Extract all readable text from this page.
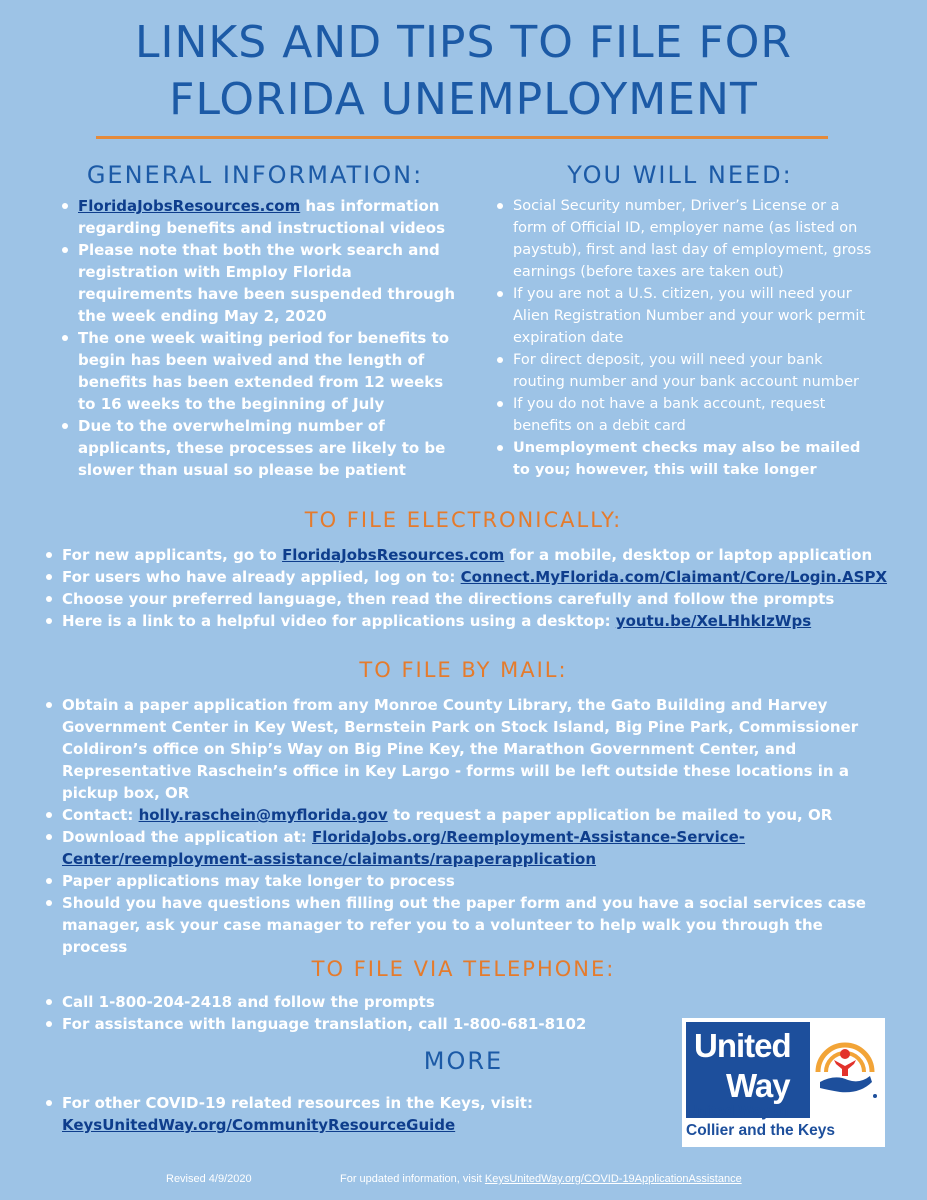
LINKS AND TIPS TO FILE FOR
FLORIDA UNEMPLOYMENT
GENERAL INFORMATION:
FloridaJobsResources.com has information regarding benefits and instructional videos
Please note that both the work search and registration with Employ Florida requirements have been suspended through the week ending May 2, 2020
The one week waiting period for benefits to begin has been waived and the length of benefits has been extended from 12 weeks to 16 weeks to the beginning of July
Due to the overwhelming number of applicants, these processes are likely to be slower than usual so please be patient
YOU WILL NEED:
Social Security number, Driver’s License or a form of Official ID, employer name (as listed on paystub), first and last day of employment, gross earnings (before taxes are taken out)
If you are not a U.S. citizen, you will need your Alien Registration Number and your work permit expiration date
For direct deposit, you will need your bank routing number and your bank account number
If you do not have a bank account, request benefits on a debit card
Unemployment checks may also be mailed to you; however, this will take longer
TO FILE ELECTRONICALLY:
For new applicants, go to FloridaJobsResources.com for a mobile, desktop or laptop application
For users who have already applied, log on to: Connect.MyFlorida.com/Claimant/Core/Login.ASPX
Choose your preferred language, then read the directions carefully and follow the prompts
Here is a link to a helpful video for applications using a desktop: youtu.be/XeLHhkIzWps
TO FILE BY MAIL:
Obtain a paper application from any Monroe County Library, the Gato Building and Harvey Government Center in Key West, Bernstein Park on Stock Island, Big Pine Park, Commissioner Coldiron’s office on Ship’s Way on Big Pine Key, the Marathon Government Center, and Representative Raschein’s office in Key Largo - forms will be left outside these locations in a pickup box, OR
Contact: holly.raschein@myflorida.gov to request a paper application be mailed to you, OR
Download the application at: FloridaJobs.org/Reemployment-Assistance-Service-Center/reemployment-assistance/claimants/rapaperapplication
Paper applications may take longer to process
Should you have questions when filling out the paper form and you have a social services case manager, ask your case manager to refer you to a volunteer to help walk you through the process
TO FILE VIA TELEPHONE:
Call 1-800-204-2418 and follow the prompts
For assistance with language translation, call 1-800-681-8102
MORE
For other COVID-19 related resources in the Keys, visit:
KeysUnitedWay.org/CommunityResourceGuide
United
Way
United Way of
Collier and the Keys
Revised 4/9/2020	For updated information, visit KeysUnitedWay.org/COVID-19ApplicationAssistance
